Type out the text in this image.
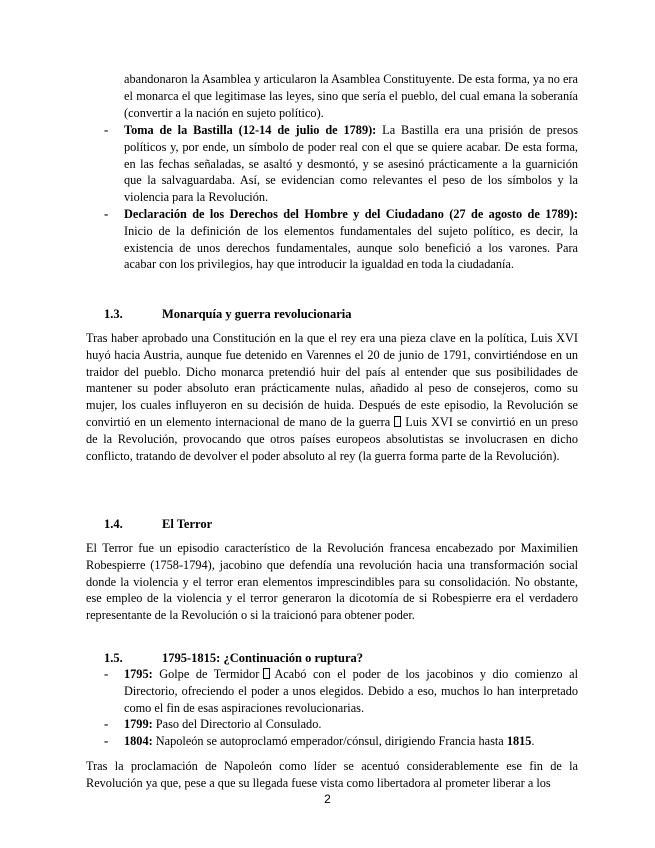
abandonaron la Asamblea y articularon la Asamblea Constituyente. De esta forma, ya no era el monarca el que legitimase las leyes, sino que sería el pueblo, del cual emana la soberanía (convertir a la nación en sujeto político).
- Toma de la Bastilla (12-14 de julio de 1789): La Bastilla era una prisión de presos políticos y, por ende, un símbolo de poder real con el que se quiere acabar. De esta forma, en las fechas señaladas, se asaltó y desmontó, y se asesinó prácticamente a la guarnición que la salvaguardaba. Así, se evidencian como relevantes el peso de los símbolos y la violencia para la Revolución.
- Declaración de los Derechos del Hombre y del Ciudadano (27 de agosto de 1789): Inicio de la definición de los elementos fundamentales del sujeto político, es decir, la existencia de unos derechos fundamentales, aunque solo benefició a los varones. Para acabar con los privilegios, hay que introducir la igualdad en toda la ciudadanía.
1.3.	Monarquía y guerra revolucionaria
Tras haber aprobado una Constitución en la que el rey era una pieza clave en la política, Luis XVI huyó hacia Austria, aunque fue detenido en Varennes el 20 de junio de 1791, convirtiéndose en un traidor del pueblo. Dicho monarca pretendió huir del país al entender que sus posibilidades de mantener su poder absoluto eran prácticamente nulas, añadido al peso de consejeros, como su mujer, los cuales influyeron en su decisión de huida. Después de este episodio, la Revolución se convirtió en un elemento internacional de mano de la guerra Luis XVI se convirtió en un preso de la Revolución, provocando que otros países europeos absolutistas se involucrasen en dicho conflicto, tratando de devolver el poder absoluto al rey (la guerra forma parte de la Revolución).
1.4.	El Terror
El Terror fue un episodio característico de la Revolución francesa encabezado por Maximilien Robespierre (1758-1794), jacobino que defendía una revolución hacia una transformación social donde la violencia y el terror eran elementos imprescindibles para su consolidación. No obstante, ese empleo de la violencia y el terror generaron la dicotomía de si Robespierre era el verdadero representante de la Revolución o si la traicionó para obtener poder.
1.5.	1795-1815: ¿Continuación o ruptura?
- 1795: Golpe de Termidor Acabó con el poder de los jacobinos y dio comienzo al Directorio, ofreciendo el poder a unos elegidos. Debido a eso, muchos lo han interpretado como el fin de esas aspiraciones revolucionarias.
- 1799: Paso del Directorio al Consulado.
- 1804: Napoleón se autoproclamó emperador/cónsul, dirigiendo Francia hasta 1815.
Tras la proclamación de Napoleón como líder se acentuó considerablemente ese fin de la Revolución ya que, pese a que su llegada fuese vista como libertadora al prometer liberar a los
2
